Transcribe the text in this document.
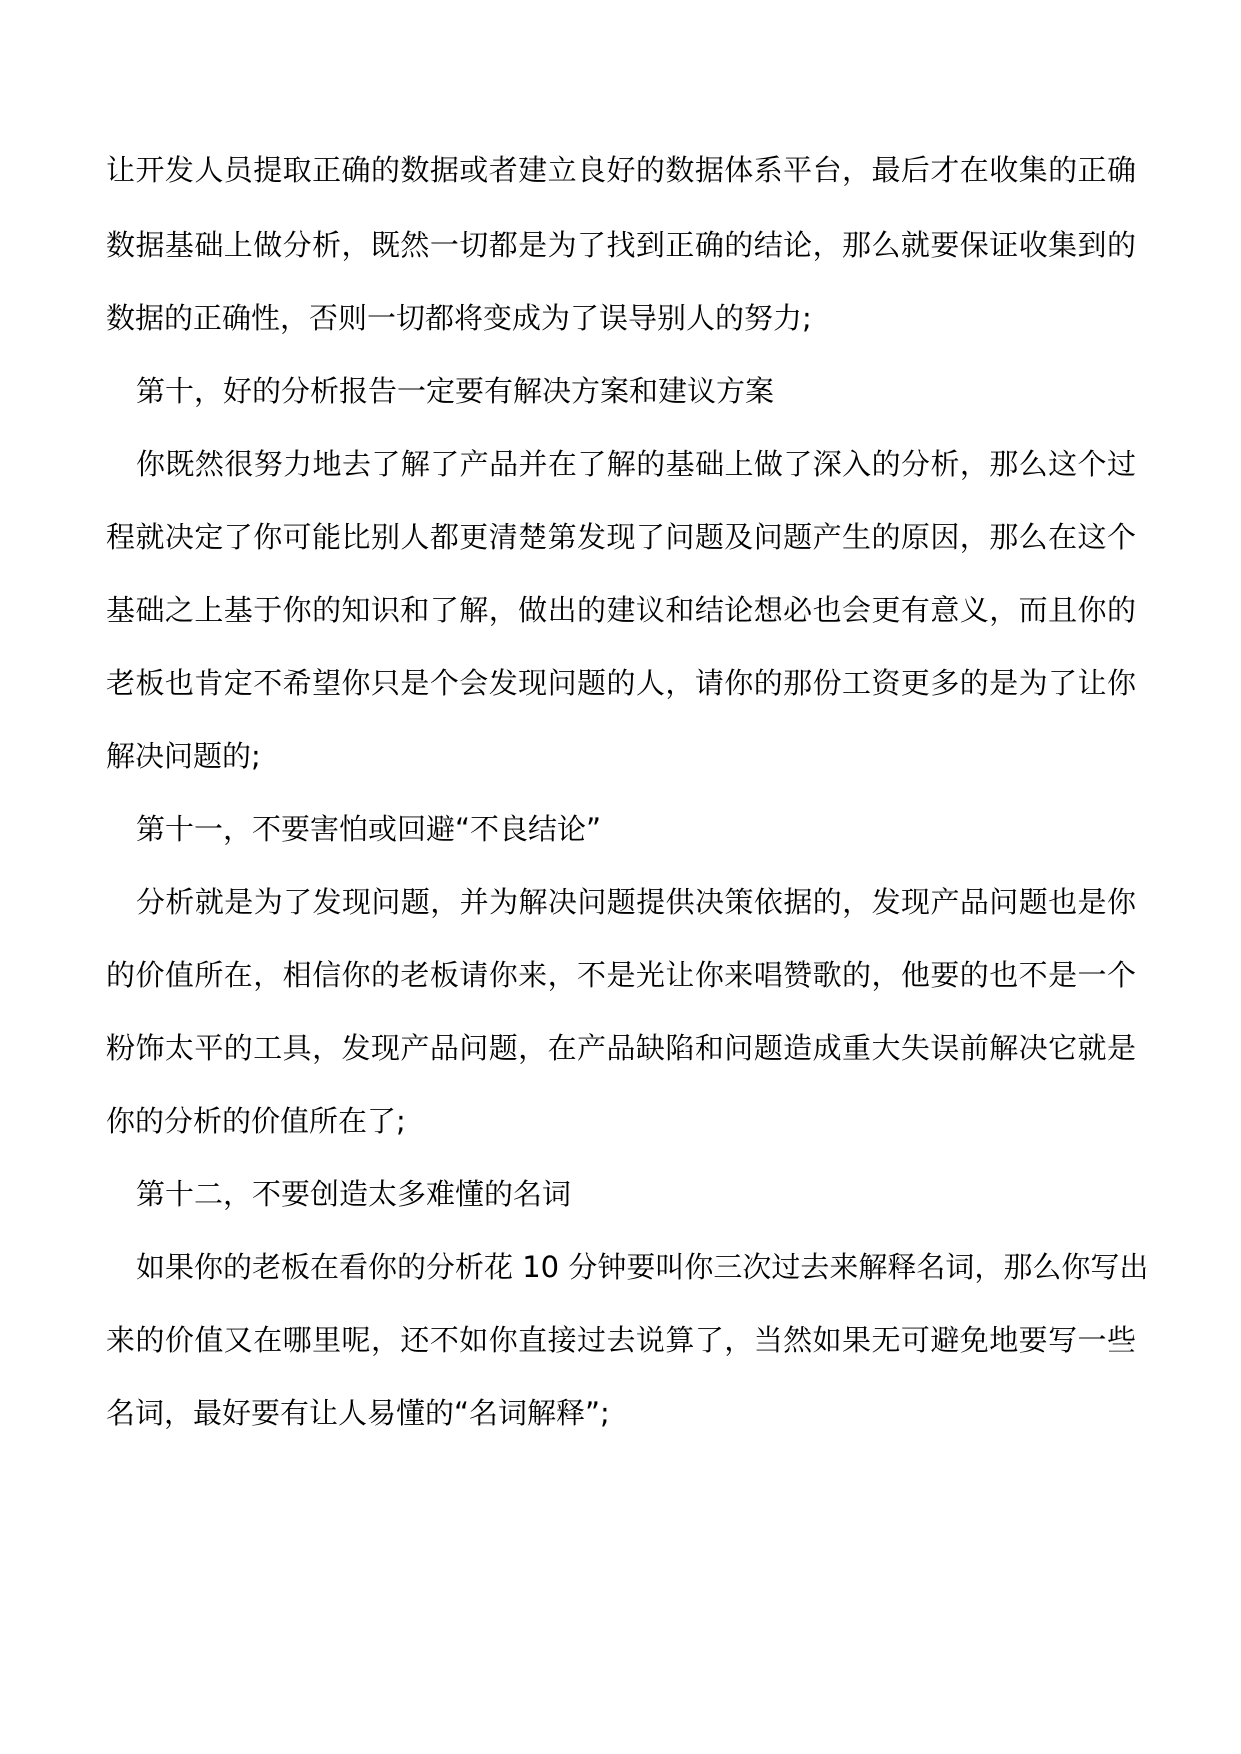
让开发人员提取正确的数据或者建立良好的数据体系平台，最后才在收集的正确

数据基础上做分析，既然一切都是为了找到正确的结论，那么就要保证收集到的

数据的正确性，否则一切都将变成为了误导别人的努力;

第十，好的分析报告一定要有解决方案和建议方案

你既然很努力地去了解了产品并在了解的基础上做了深入的分析，那么这个过

程就决定了你可能比别人都更清楚第发现了问题及问题产生的原因，那么在这个

基础之上基于你的知识和了解，做出的建议和结论想必也会更有意义，而且你的

老板也肯定不希望你只是个会发现问题的人，请你的那份工资更多的是为了让你

解决问题的;

第十一，不要害怕或回避“不良结论”

分析就是为了发现问题，并为解决问题提供决策依据的，发现产品问题也是你

的价值所在，相信你的老板请你来，不是光让你来唱赞歌的，他要的也不是一个

粉饰太平的工具，发现产品问题，在产品缺陷和问题造成重大失误前解决它就是

你的分析的价值所在了;

第十二，不要创造太多难懂的名词

如果你的老板在看你的分析花 10 分钟要叫你三次过去来解释名词，那么你写出

来的价值又在哪里呢，还不如你直接过去说算了，当然如果无可避免地要写一些

名词，最好要有让人易懂的“名词解释”;
